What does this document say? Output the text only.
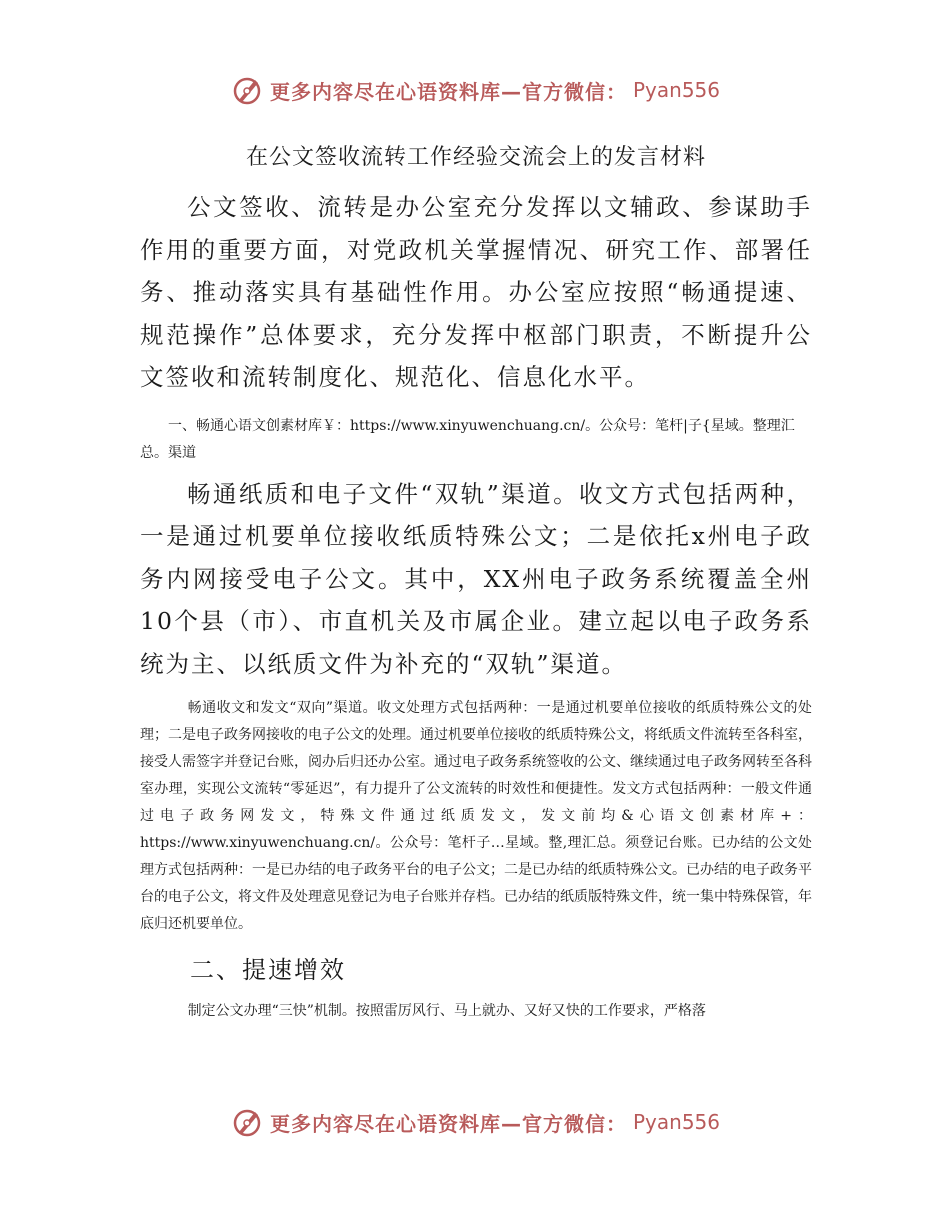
更多内容尽在心语资料库—官方微信： Pyan556
在公文签收流转工作经验交流会上的发言材料

公文签收、流转是办公室充分发挥以文辅政、参谋助手作用的重要方面，对党政机关掌握情况、研究工作、部署任务、推动落实具有基础性作用。办公室应按照“畅通提速、规范操作”总体要求，充分发挥中枢部门职责，不断提升公文签收和流转制度化、规范化、信息化水平。

一、畅通心语文创素材库￥：https://www.xinyuwenchuang.cn/。公众号：笔杆|子{星域。整理汇总。渠道

畅通纸质和电子文件“双轨”渠道。收文方式包括两种，一是通过机要单位接收纸质特殊公文；二是依托x州电子政务内网接受电子公文。其中，XX州电子政务系统覆盖全州10个县（市）、市直机关及市属企业。建立起以电子政务系统为主、以纸质文件为补充的“双轨”渠道。

畅通收文和发文“双向”渠道。收文处理方式包括两种：一是通过机要单位接收的纸质特殊公文的处理；二是电子政务网接收的电子公文的处理。通过机要单位接收的纸质特殊公文，将纸质文件流转至各科室，接受人需签字并登记台账，阅办后归还办公室。通过电子政务系统签收的公文、继续通过电子政务网转至各科室办理，实现公文流转“零延迟”，有力提升了公文流转的时效性和便捷性。发文方式包括两种：一般文件通过电子政务网发文，特殊文件通过纸质发文，发文前均&心语文创素材库+：https://www.xinyuwenchuang.cn/。公众号：笔杆子…星域。整,理汇总。须登记台账。已办结的公文处理方式包括两种：一是已办结的电子政务平台的电子公文；二是已办结的纸质特殊公文。已办结的电子政务平台的电子公文，将文件及处理意见登记为电子台账并存档。已办结的纸质版特殊文件，统一集中特殊保管，年底归还机要单位。

二、提速增效

制定公文办理“三快”机制。按照雷厉风行、马上就办、又好又快的工作要求，严格落

更多内容尽在心语资料库—官方微信： Pyan556
